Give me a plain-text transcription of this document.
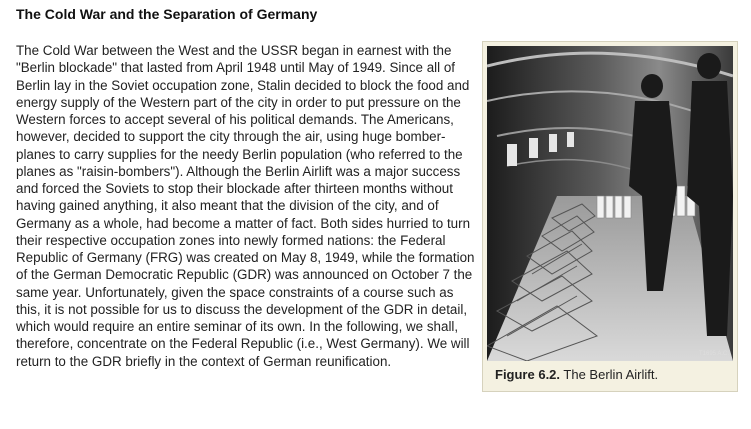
The Cold War and the Separation of Germany

The Cold War between the West and the USSR began in earnest with the "Berlin blockade" that lasted from April 1948 until May of 1949. Since all of Berlin lay in the Soviet occupation zone, Stalin decided to block the food and energy supply of the Western part of the city in order to put pressure on the Western forces to accept several of his political demands. The Americans, however, decided to support the city through the air, using huge bomber-planes to carry supplies for the needy Berlin population (who referred to the planes as "raisin-bombers"). Although the Berlin Airlift was a major success and forced the Soviets to stop their blockade after thirteen months without having gained anything, it also meant that the division of the city, and of Germany as a whole, had become a matter of fact. Both sides hurried to turn their respective occupation zones into newly formed nations: the Federal Republic of Germany (FRG) was created on May 8, 1949, while the formation of the German Democratic Republic (GDR) was announced on October 7 the same year. Unfortunately, given the space constraints of a course such as this, it is not possible for us to discuss the development of the GDR in detail, which would require an entire seminar of its own. In the following, we shall, therefore, concentrate on the Federal Republic (i.e., West Germany). We will return to the GDR briefly in the context of German reunification.	T1695 A.C.
Figure 6.2. The Berlin Airlift.
